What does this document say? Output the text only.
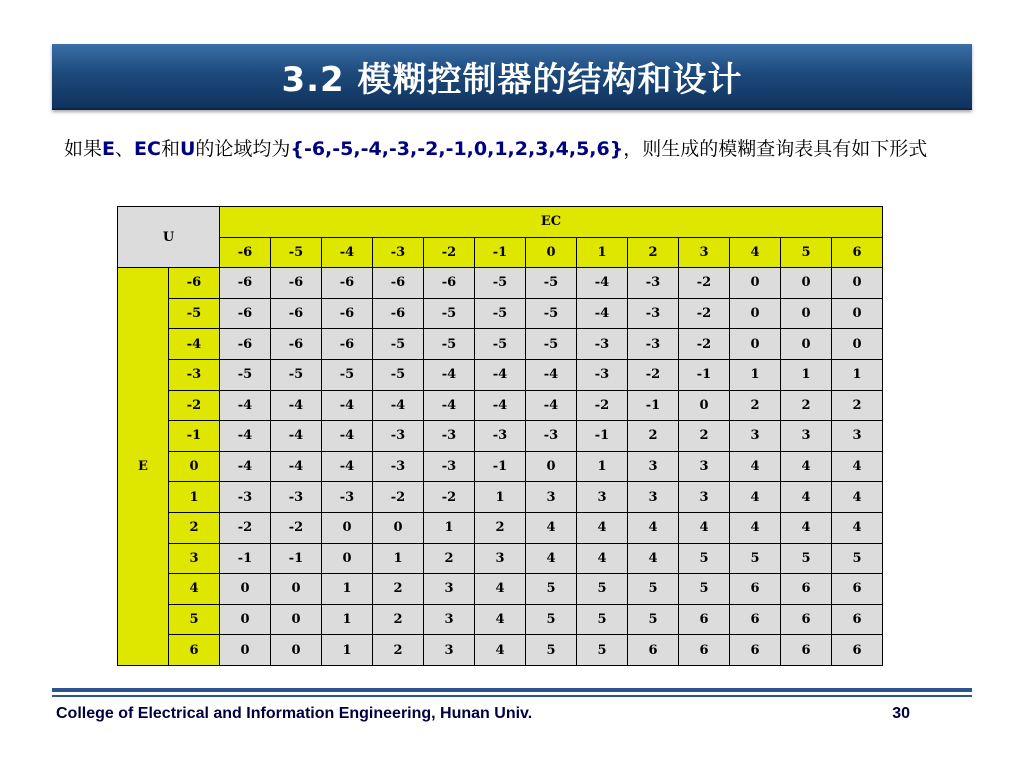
3.2 模糊控制器的结构和设计
如果E、EC和U的论域均为{-6,-5,-4,-3,-2,-1,0,1,2,3,4,5,6}，则生成的模糊查询表具有如下形式
U		EC												
		-6	-5	-4	-3	-2	-1	0	1	2	3	4	5	6
E	-6	-6	-6	-6	-6	-6	-5	-5	-4	-3	-2	0	0	0
	-5	-6	-6	-6	-6	-5	-5	-5	-4	-3	-2	0	0	0
	-4	-6	-6	-6	-5	-5	-5	-5	-3	-3	-2	0	0	0
	-3	-5	-5	-5	-5	-4	-4	-4	-3	-2	-1	1	1	1
	-2	-4	-4	-4	-4	-4	-4	-4	-2	-1	0	2	2	2
	-1	-4	-4	-4	-3	-3	-3	-3	-1	2	2	3	3	3
	0	-4	-4	-4	-3	-3	-1	0	1	3	3	4	4	4
	1	-3	-3	-3	-2	-2	1	3	3	3	3	4	4	4
	2	-2	-2	0	0	1	2	4	4	4	4	4	4	4
	3	-1	-1	0	1	2	3	4	4	4	5	5	5	5
	4	0	0	1	2	3	4	5	5	5	5	6	6	6
	5	0	0	1	2	3	4	5	5	5	6	6	6	6
	6	0	0	1	2	3	4	5	5	6	6	6	6	6
College of Electrical and Information Engineering, Hunan Univ.	30
